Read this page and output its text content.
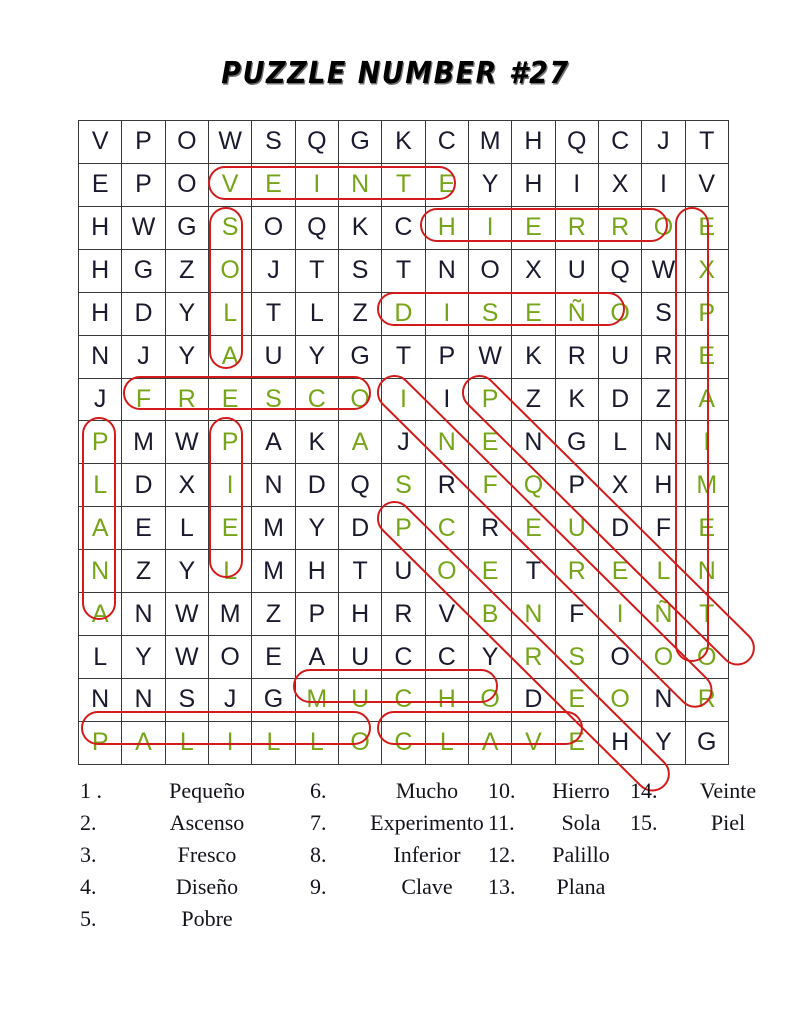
PUZZLE NUMBER #27
V	P	O	W	S	Q	G	K	C	M	H	Q	C	J	T
E	P	O	V	E	I	N	T	E	Y	H	I	X	I	V
H	W	G	S	O	Q	K	C	H	I	E	R	R	O	E
H	G	Z	O	J	T	S	T	N	O	X	U	Q	W	X
H	D	Y	L	T	L	Z	D	I	S	E	Ñ	O	S	P
N	J	Y	A	U	Y	G	T	P	W	K	R	U	R	E
J	F	R	E	S	C	O	I	I	P	Z	K	D	Z	A
P	M	W	P	A	K	A	J	N	E	N	G	L	N	I
L	D	X	I	N	D	Q	S	R	F	Q	P	X	H	M
A	E	L	E	M	Y	D	P	C	R	E	U	D	F	E
N	Z	Y	L	M	H	T	U	O	E	T	R	E	L	N
A	N	W	M	Z	P	H	R	V	B	N	F	I	Ñ	T
L	Y	W	O	E	A	U	C	C	Y	R	S	O	O	O
N	N	S	J	G	M	U	C	H	O	D	E	O	N	R
P	A	L	I	L	L	O	C	L	A	V	E	H	Y	G
1 .	Pequeño
2.	Ascenso
3.	Fresco
4.	Diseño
5.	Pobre
6.	Mucho
7.	Experimento
8.	Inferior
9.	Clave
10.	Hierro
11.	Sola
12.	Palillo
13.	Plana
14.	Veinte
15.	Piel
